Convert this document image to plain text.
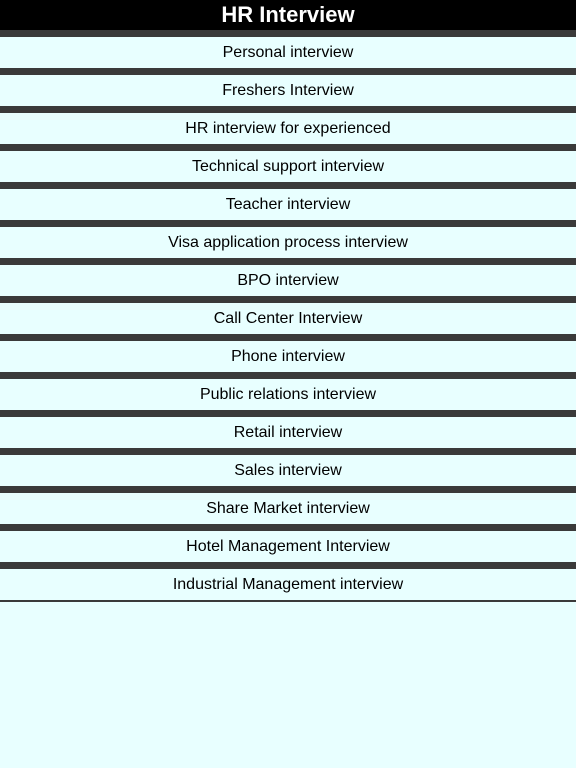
HR Interview
Personal interview
Freshers Interview
HR interview for experienced
Technical support interview
Teacher interview
Visa application process interview
BPO interview
Call Center Interview
Phone interview
Public relations interview
Retail interview
Sales interview
Share Market interview
Hotel Management Interview
Industrial Management interview
